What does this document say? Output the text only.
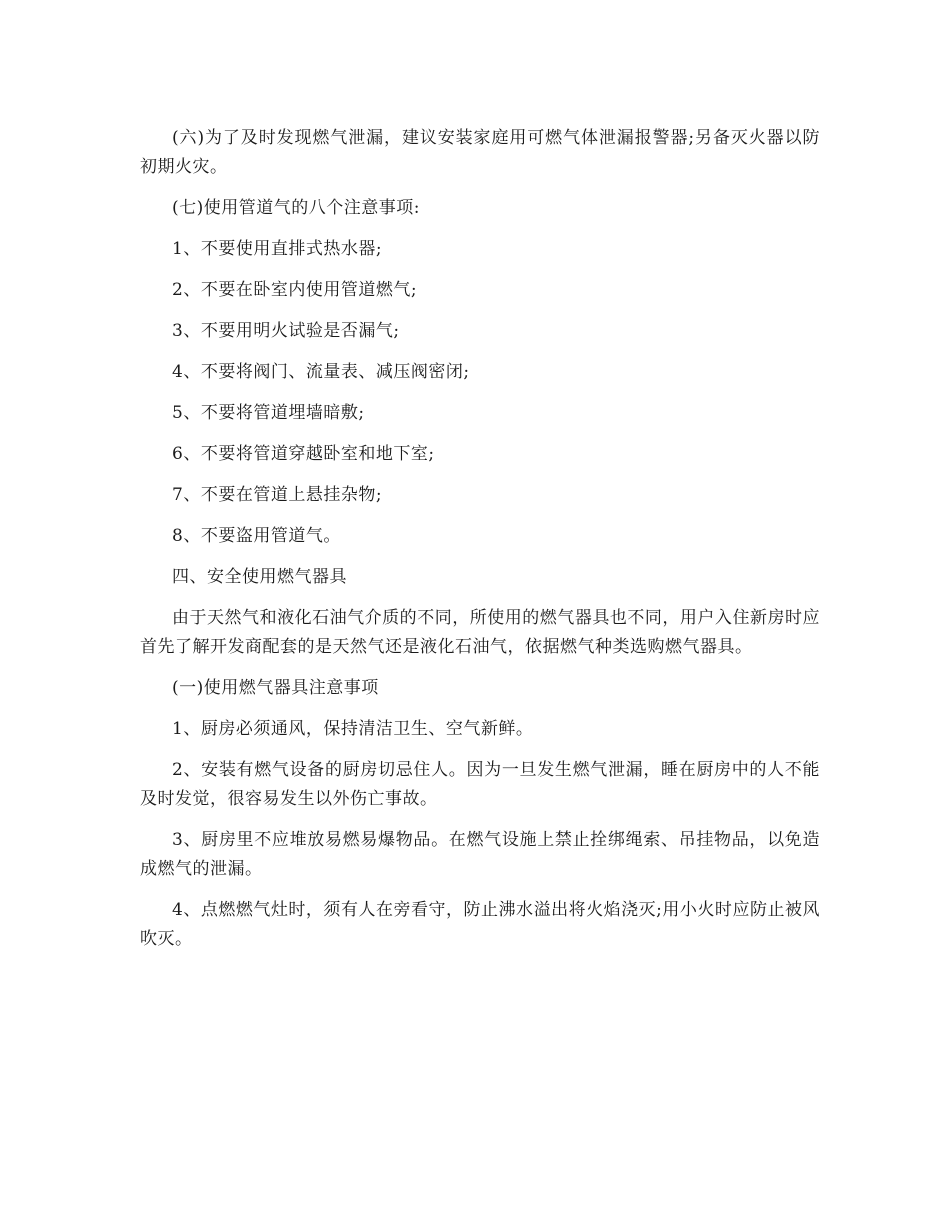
(六)为了及时发现燃气泄漏，建议安装家庭用可燃气体泄漏报警器;另备灭火器以防初期火灾。

(七)使用管道气的八个注意事项:

1、不要使用直排式热水器;

2、不要在卧室内使用管道燃气;

3、不要用明火试验是否漏气;

4、不要将阀门、流量表、减压阀密闭;

5、不要将管道埋墙暗敷;

6、不要将管道穿越卧室和地下室;

7、不要在管道上悬挂杂物;

8、不要盗用管道气。

四、安全使用燃气器具

由于天然气和液化石油气介质的不同，所使用的燃气器具也不同，用户入住新房时应首先了解开发商配套的是天然气还是液化石油气，依据燃气种类选购燃气器具。

(一)使用燃气器具注意事项

1、厨房必须通风，保持清洁卫生、空气新鲜。

2、安装有燃气设备的厨房切忌住人。因为一旦发生燃气泄漏，睡在厨房中的人不能及时发觉，很容易发生以外伤亡事故。

3、厨房里不应堆放易燃易爆物品。在燃气设施上禁止拴绑绳索、吊挂物品，以免造成燃气的泄漏。

4、点燃燃气灶时，须有人在旁看守，防止沸水溢出将火焰浇灭;用小火时应防止被风吹灭。
